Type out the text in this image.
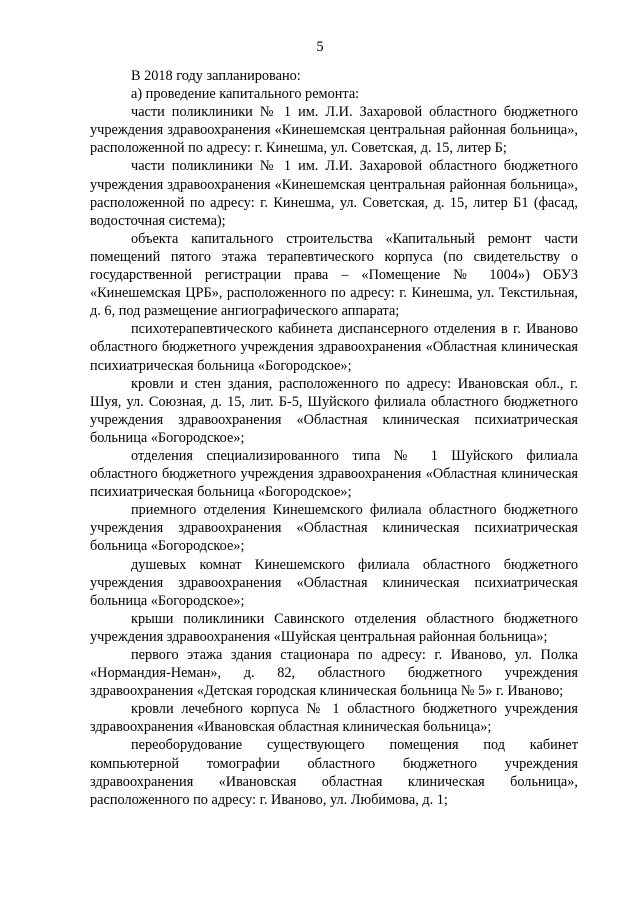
5

В 2018 году запланировано:

а) проведение капитального ремонта:

части поликлиники № 1 им. Л.И. Захаровой областного бюджетного учреждения здравоохранения «Кинешемская центральная районная больница», расположенной по адресу: г. Кинешма, ул. Советская, д. 15, литер Б;

части поликлиники № 1 им. Л.И. Захаровой областного бюджетного учреждения здравоохранения «Кинешемская центральная районная больница», расположенной по адресу: г. Кинешма, ул. Советская, д. 15, литер Б1 (фасад, водосточная система);

объекта капитального строительства «Капитальный ремонт части помещений пятого этажа терапевтического корпуса (по свидетельству о государственной регистрации права – «Помещение № 1004») ОБУЗ «Кинешемская ЦРБ», расположенного по адресу: г. Кинешма, ул. Текстильная, д. 6, под размещение ангиографического аппарата;

психотерапевтического кабинета диспансерного отделения в г. Иваново областного бюджетного учреждения здравоохранения «Областная клиническая психиатрическая больница «Богородское»;

кровли и стен здания, расположенного по адресу: Ивановская обл., г. Шуя, ул. Союзная, д. 15, лит. Б-5, Шуйского филиала областного бюджетного учреждения здравоохранения «Областная клиническая психиатрическая больница «Богородское»;

отделения специализированного типа № 1 Шуйского филиала областного бюджетного учреждения здравоохранения «Областная клиническая психиатрическая больница «Богородское»;

приемного отделения Кинешемского филиала областного бюджетного учреждения здравоохранения «Областная клиническая психиатрическая больница «Богородское»;

душевых комнат Кинешемского филиала областного бюджетного учреждения здравоохранения «Областная клиническая психиатрическая больница «Богородское»;

крыши поликлиники Савинского отделения областного бюджетного учреждения здравоохранения «Шуйская центральная районная больница»;

первого этажа здания стационара по адресу: г. Иваново, ул. Полка «Нормандия-Неман», д. 82, областного бюджетного учреждения здравоохранения «Детская городская клиническая больница № 5» г. Иваново;

кровли лечебного корпуса № 1 областного бюджетного учреждения здравоохранения «Ивановская областная клиническая больница»;

переоборудование существующего помещения под кабинет компьютерной томографии областного бюджетного учреждения здравоохранения «Ивановская областная клиническая больница», расположенного по адресу: г. Иваново, ул. Любимова, д. 1;
